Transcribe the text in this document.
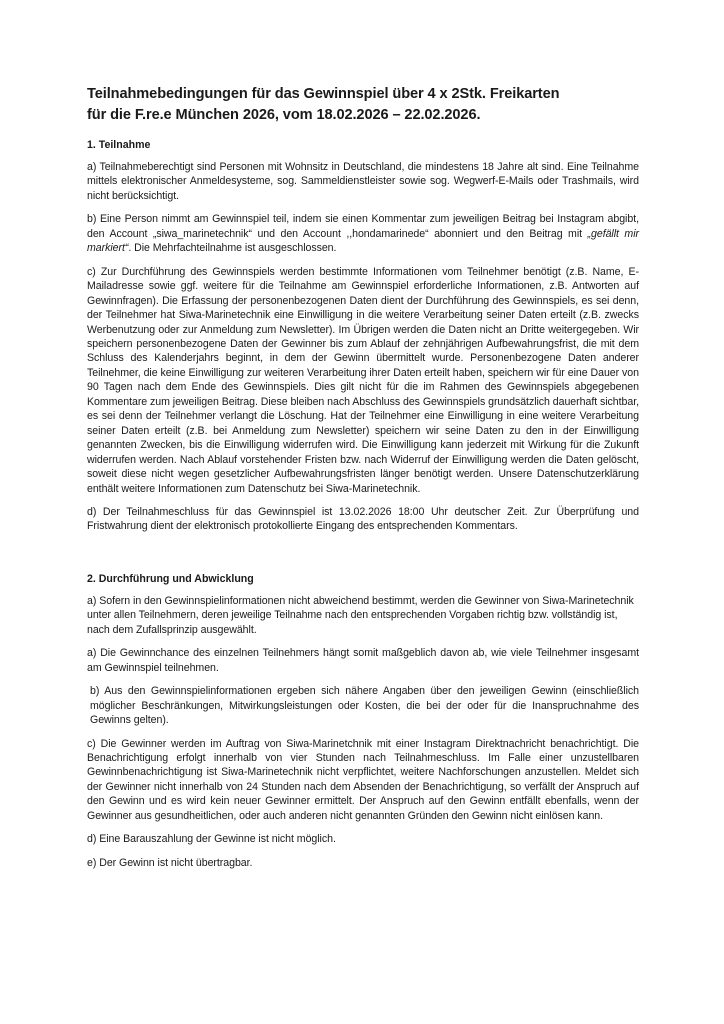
Teilnahmebedingungen für das Gewinnspiel über 4 x 2Stk. Freikarten
für die F.re.e München 2026, vom 18.02.2026 – 22.02.2026.
1. Teilnahme

a) Teilnahmeberechtigt sind Personen mit Wohnsitz in Deutschland, die mindestens 18 Jahre alt sind. Eine Teilnahme mittels elektronischer Anmeldesysteme, sog. Sammeldienstleister sowie sog. Wegwerf-E-Mails oder Trashmails, wird nicht berücksichtigt.

b) Eine Person nimmt am Gewinnspiel teil, indem sie einen Kommentar zum jeweiligen Beitrag bei Instagram abgibt, den Account „siwa_marinetechnik“ und den Account ,,hondamarinede“ abonniert und den Beitrag mit „gefällt mir markiert“. Die Mehrfachteilnahme ist ausgeschlossen.

c) Zur Durchführung des Gewinnspiels werden bestimmte Informationen vom Teilnehmer benötigt (z.B. Name, E-Mailadresse sowie ggf. weitere für die Teilnahme am Gewinnspiel erforderliche Informationen, z.B. Antworten auf Gewinnfragen). Die Erfassung der personenbezogenen Daten dient der Durchführung des Gewinnspiels, es sei denn, der Teilnehmer hat Siwa-Marinetechnik eine Einwilligung in die weitere Verarbeitung seiner Daten erteilt (z.B. zwecks Werbenutzung oder zur Anmeldung zum Newsletter). Im Übrigen werden die Daten nicht an Dritte weitergegeben. Wir speichern personenbezogene Daten der Gewinner bis zum Ablauf der zehnjährigen Aufbewahrungsfrist, die mit dem Schluss des Kalenderjahrs beginnt, in dem der Gewinn übermittelt wurde. Personenbezogene Daten anderer Teilnehmer, die keine Einwilligung zur weiteren Verarbeitung ihrer Daten erteilt haben, speichern wir für eine Dauer von 90 Tagen nach dem Ende des Gewinnspiels. Dies gilt nicht für die im Rahmen des Gewinnspiels abgegebenen Kommentare zum jeweiligen Beitrag. Diese bleiben nach Abschluss des Gewinnspiels grundsätzlich dauerhaft sichtbar, es sei denn der Teilnehmer verlangt die Löschung. Hat der Teilnehmer eine Einwilligung in eine weitere Verarbeitung seiner Daten erteilt (z.B. bei Anmeldung zum Newsletter) speichern wir seine Daten zu den in der Einwilligung genannten Zwecken, bis die Einwilligung widerrufen wird. Die Einwilligung kann jederzeit mit Wirkung für die Zukunft widerrufen werden. Nach Ablauf vorstehender Fristen bzw. nach Widerruf der Einwilligung werden die Daten gelöscht, soweit diese nicht wegen gesetzlicher Aufbewahrungsfristen länger benötigt werden. Unsere Datenschutzerklärung enthält weitere Informationen zum Datenschutz bei Siwa-Marinetechnik.

d) Der Teilnahmeschluss für das Gewinnspiel ist 13.02.2026 18:00 Uhr deutscher Zeit. Zur Überprüfung und Fristwahrung dient der elektronisch protokollierte Eingang des entsprechenden Kommentars.

2. Durchführung und Abwicklung

a) Sofern in den Gewinnspielinformationen nicht abweichend bestimmt, werden die Gewinner von Siwa-Marinetechnik unter allen Teilnehmern, deren jeweilige Teilnahme nach den entsprechenden Vorgaben richtig bzw. vollständig ist, nach dem Zufallsprinzip ausgewählt.

a) Die Gewinnchance des einzelnen Teilnehmers hängt somit maßgeblich davon ab, wie viele Teilnehmer insgesamt am Gewinnspiel teilnehmen.

b) Aus den Gewinnspielinformationen ergeben sich nähere Angaben über den jeweiligen Gewinn (einschließlich möglicher Beschränkungen, Mitwirkungsleistungen oder Kosten, die bei der oder für die Inanspruchnahme des Gewinns gelten).

c) Die Gewinner werden im Auftrag von Siwa-Marinetchnik mit einer Instagram Direktnachricht benachrichtigt. Die Benachrichtigung erfolgt innerhalb von vier Stunden nach Teilnahmeschluss. Im Falle einer unzustellbaren Gewinnbenachrichtigung ist Siwa-Marinetechnik nicht verpflichtet, weitere Nachforschungen anzustellen. Meldet sich der Gewinner nicht innerhalb von 24 Stunden nach dem Absenden der Benachrichtigung, so verfällt der Anspruch auf den Gewinn und es wird kein neuer Gewinner ermittelt. Der Anspruch auf den Gewinn entfällt ebenfalls, wenn der Gewinner aus gesundheitlichen, oder auch anderen nicht genannten Gründen den Gewinn nicht einlösen kann.

d) Eine Barauszahlung der Gewinne ist nicht möglich.

e) Der Gewinn ist nicht übertragbar.
